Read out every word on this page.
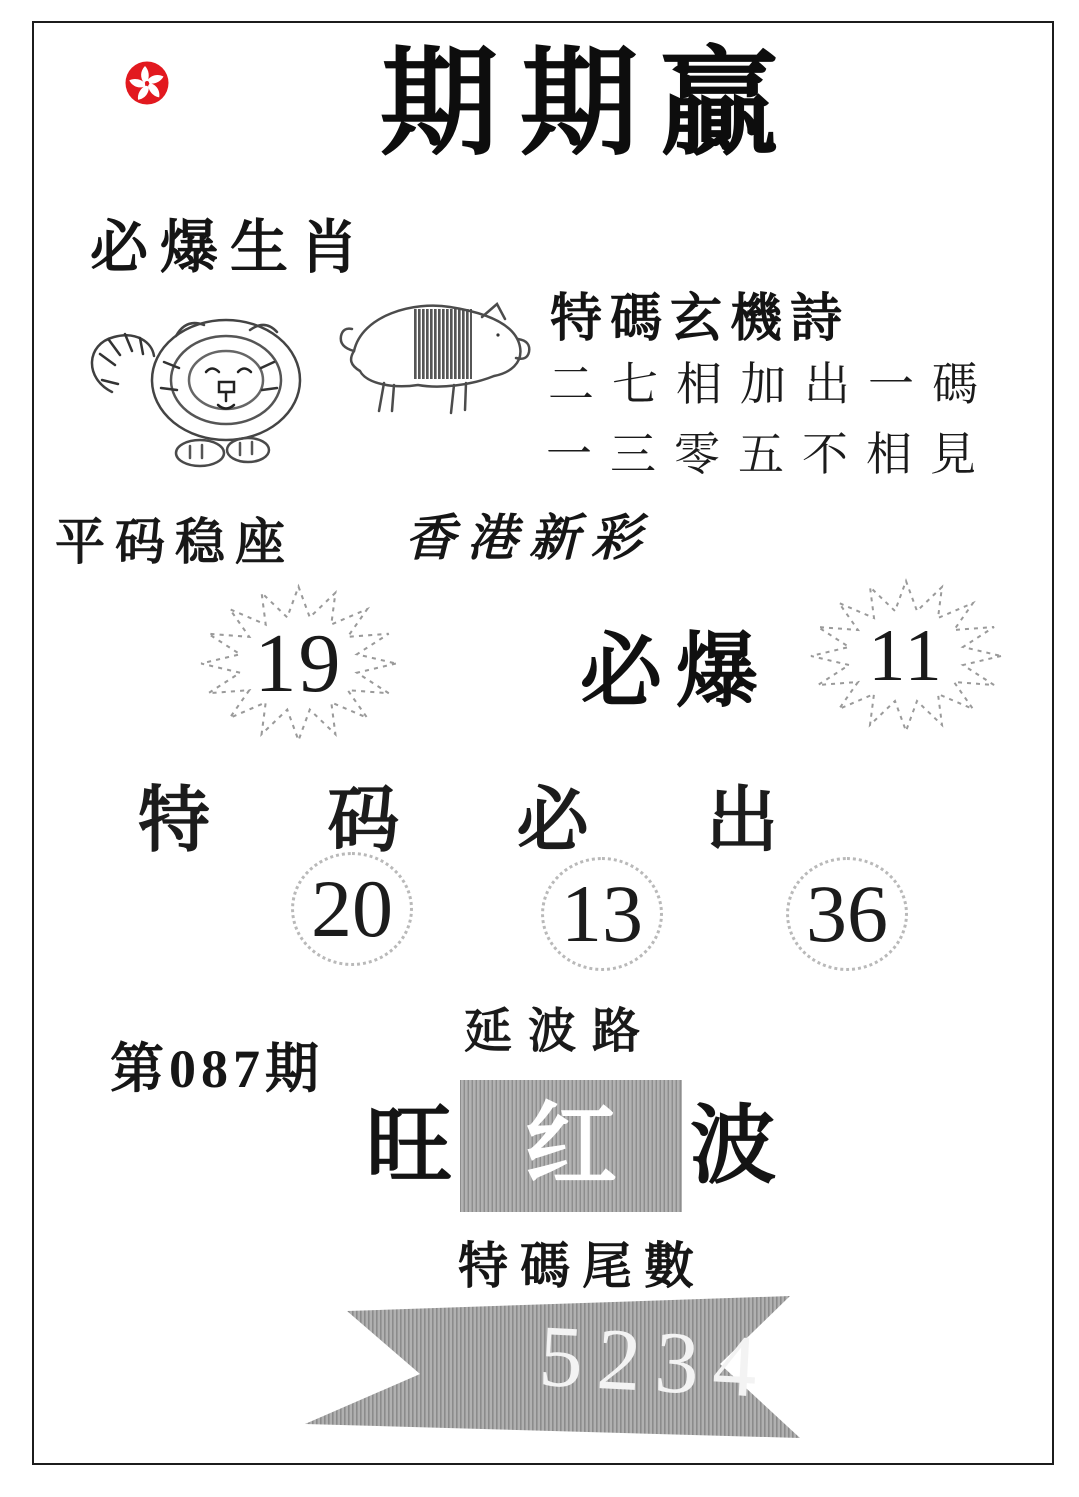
期期贏
必爆生肖
特碼玄機詩
二七相加出一碼
一三零五不相見
平码稳座 香港新彩
19	必爆	11
特 码 必 出
20 13 36
延波路
第087期
旺 红 波
特碼尾數
5234
